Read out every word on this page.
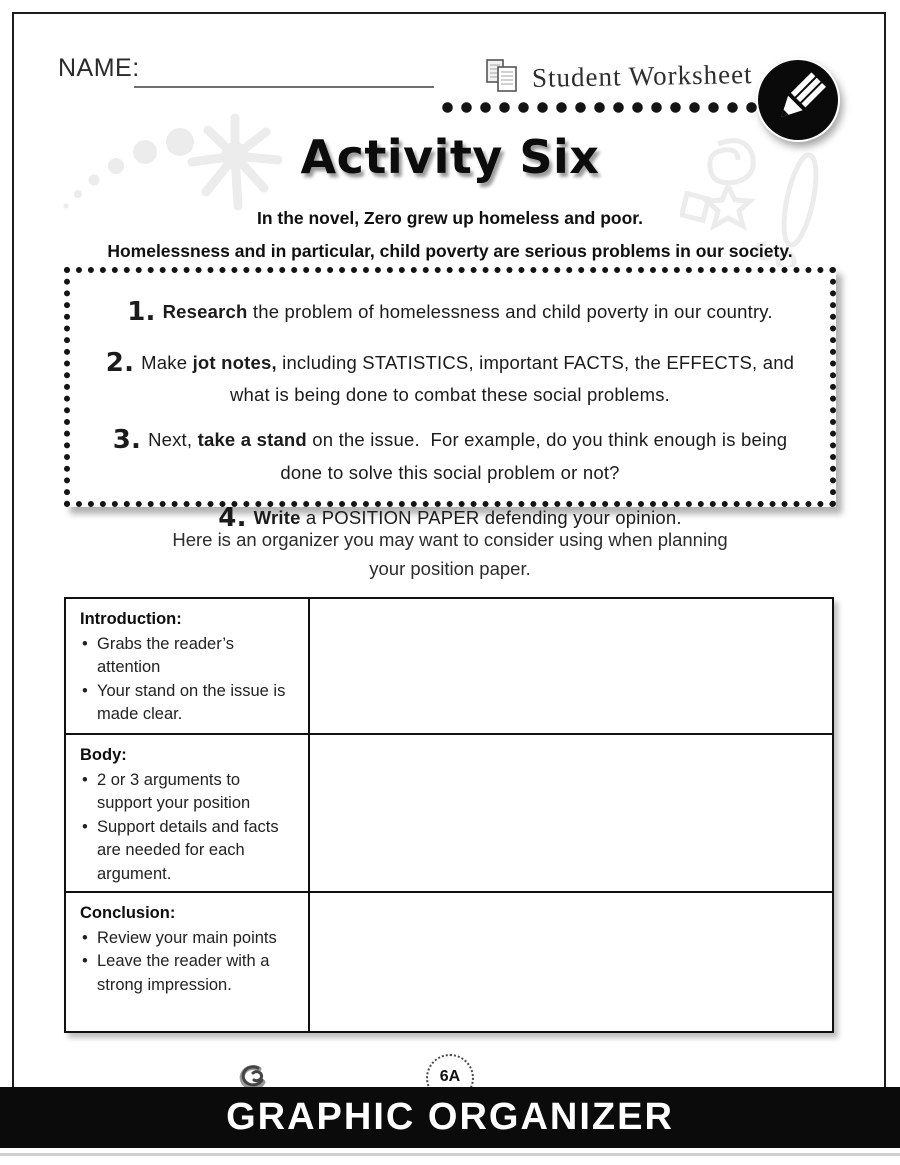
NAME:	Student Worksheet
Activity Six
In the novel, Zero grew up homeless and poor.
Homelessness and in particular, child poverty are serious problems in our society.
1. Research the problem of homelessness and child poverty in our country.
2. Make jot notes, including STATISTICS, important FACTS, the EFFECTS, and what is being done to combat these social problems.
3. Next, take a stand on the issue.  For example, do you think enough is being done to solve this social problem or not?
4. Write a POSITION PAPER defending your opinion.
Here is an organizer you may want to consider using when planning
your position paper.

Introduction:

• Grabs the reader’s attention
• Your stand on the issue is made clear.

Body:

• 2 or 3 arguments to support your position
• Support details and facts are needed for each argument.

Conclusion:

• Review your main points
• Leave the reader with a strong impression.
6A
GRAPHIC ORGANIZER
